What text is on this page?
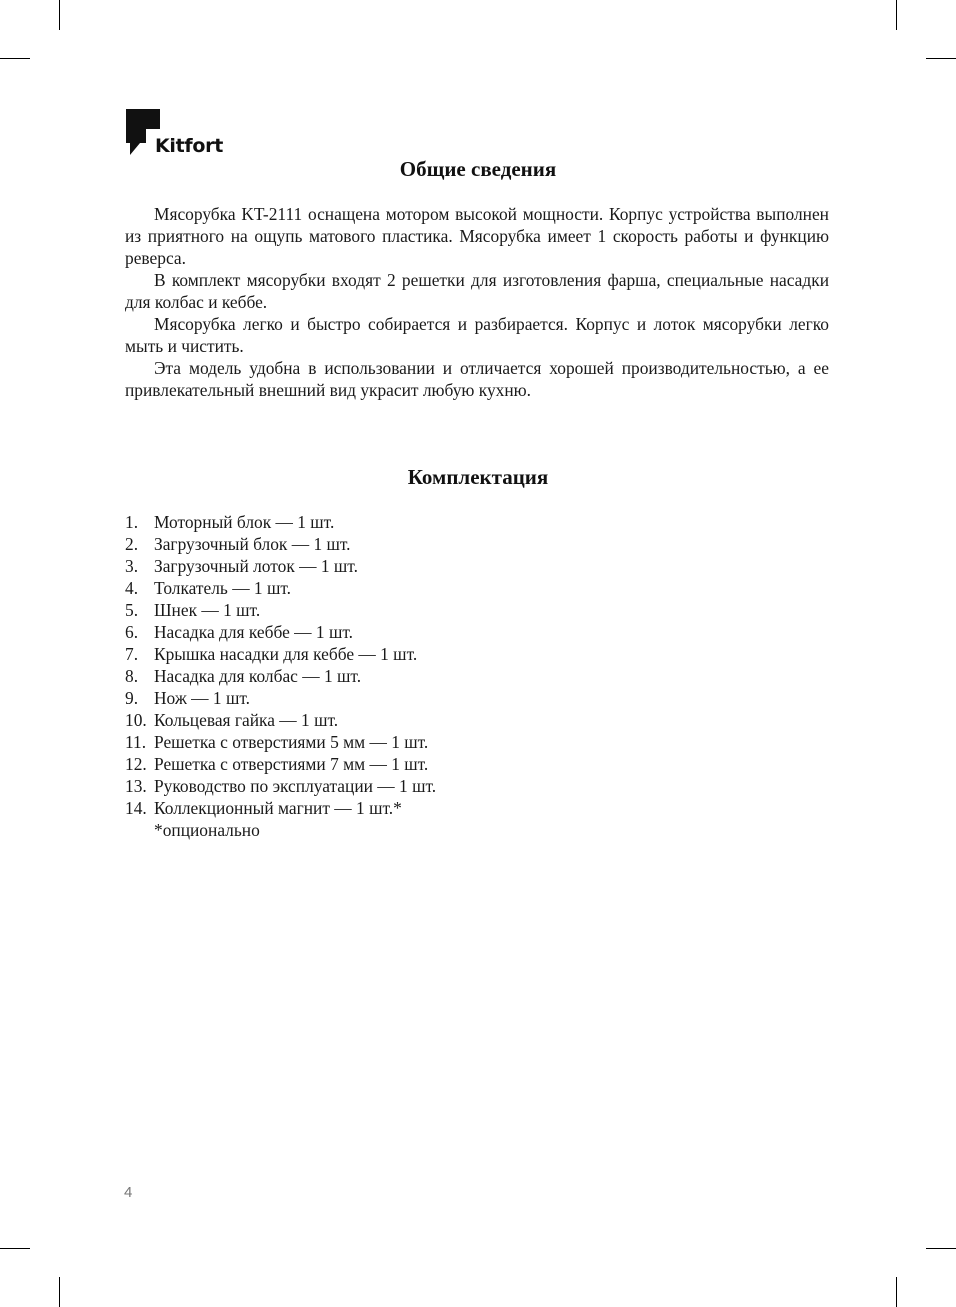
Kitfort
Общие сведения

Мясорубка KT-2111 оснащена мотором высокой мощности. Корпус устройства выполнен из приятного на ощупь матового пластика. Мясорубка имеет 1 скорость работы и функцию реверса.

В комплект мясорубки входят 2 решетки для изготовления фарша, специальные насадки для колбас и кеббе.

Мясорубка легко и быстро собирается и разбирается. Корпус и лоток мясорубки легко мыть и чистить.

Эта модель удобна в использовании и отличается хорошей производительностью, а ее привлекательный внешний вид украсит любую кухню.

Комплектация
1. Моторный блок — 1 шт.
2. Загрузочный блок — 1 шт.
3. Загрузочный лоток — 1 шт.
4. Толкатель — 1 шт.
5. Шнек — 1 шт.
6. Насадка для кеббе — 1 шт.
7. Крышка насадки для кеббе — 1 шт.
8. Насадка для колбас — 1 шт.
9. Нож — 1 шт.
10. Кольцевая гайка — 1 шт.
11. Решетка с отверстиями 5 мм — 1 шт.
12. Решетка с отверстиями 7 мм — 1 шт.
13. Руководство по эксплуатации — 1 шт.
14. Коллекционный магнит — 1 шт.*
*опционально
4
